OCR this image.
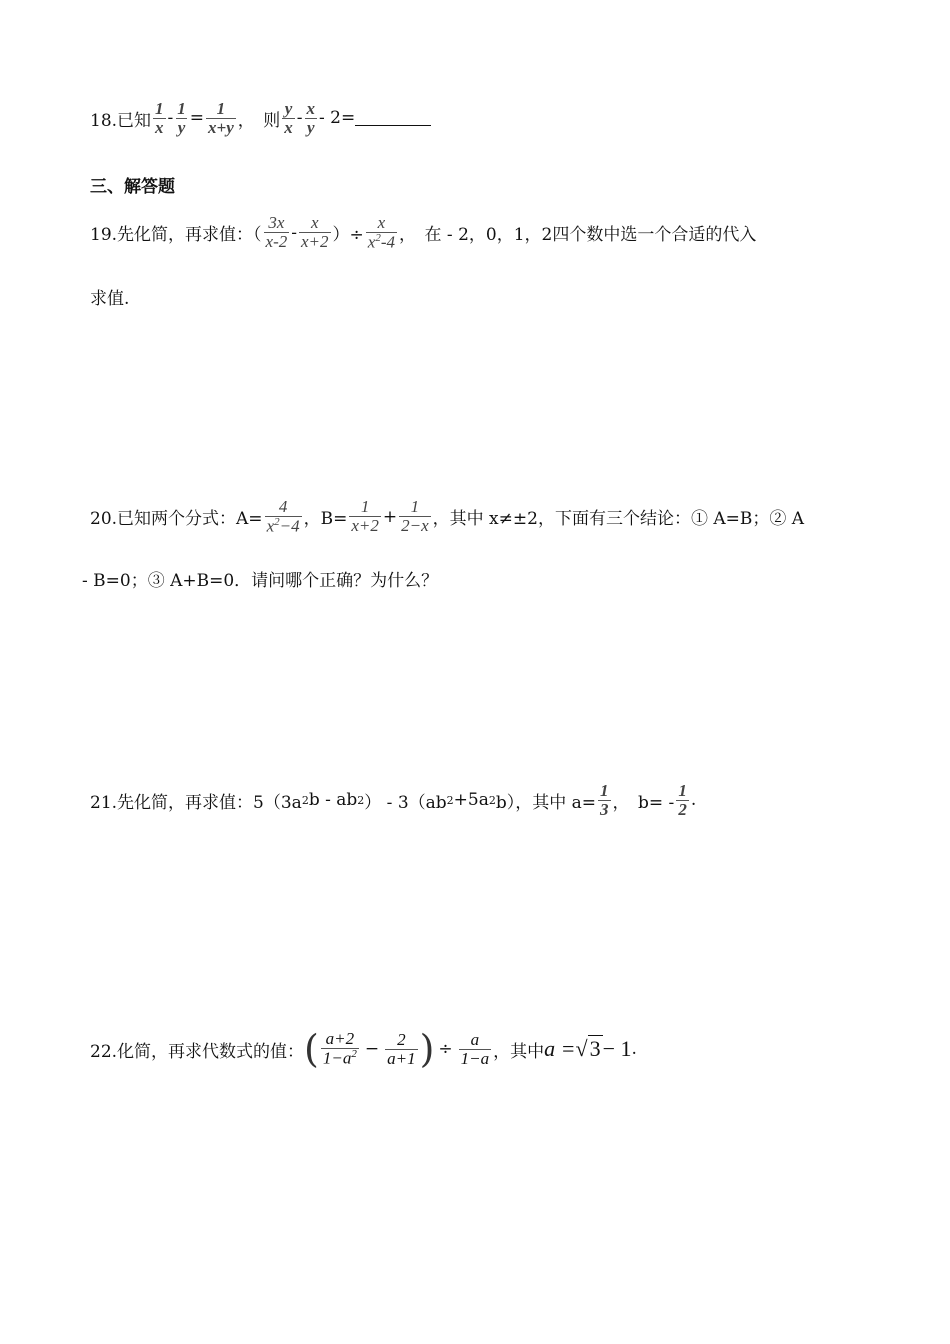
18.已知 $\frac{1}{x} - \frac{1}{y} = \frac{1}{x+y}$ ，　则 $\frac{y}{x} - \frac{x}{y} - 2=$
三、解答题
19.先化简，再求值：（ $\frac{3x}{x-2} - \frac{x}{x+2}$ ）÷ $\frac{x}{x^2-4}$ ，　在 - 2，0，1，2四个数中选一个合适的代入
求值.
20.已知两个分式：$A= \frac{4}{x^2-4}$ ，$B= \frac{1}{x+2} + \frac{1}{2-x}$ ，其中 x≠±2，下面有三个结论：① A=B；② A
- B=0；③ A+B=0．请问哪个正确？为什么？
21.先化简，再求值：5（3a 2 b - ab 2 ） - 3（ab 2 +5a 2 b），其中 $a= \frac{1}{3}$ ，　$b= - \frac{1}{2}$ .
22.化简，再求代数式的值： ( $\frac{a+2}{1-a^2} - \frac{2}{a+1}$ ) ÷ $\frac{a}{1-a}$ ，其中 a = √3 − 1 .
